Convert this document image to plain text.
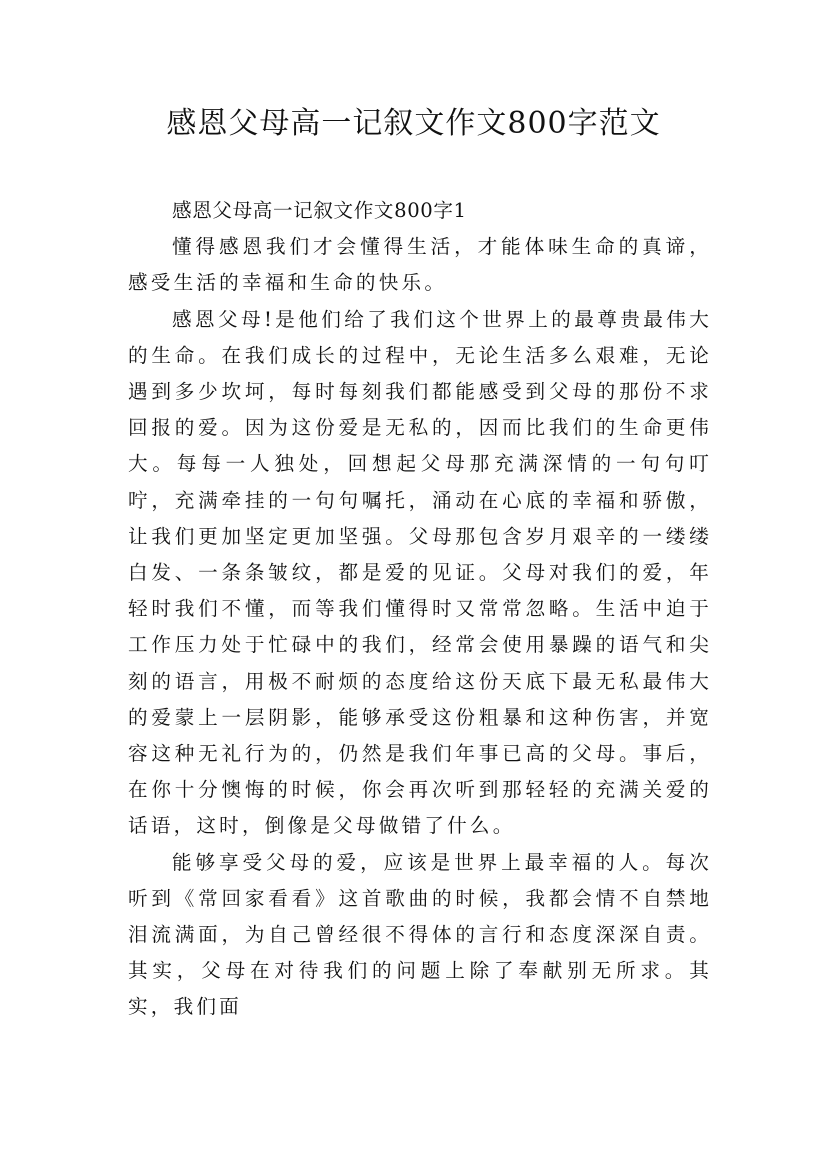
感恩父母高一记叙文作文800字范文

感恩父母高一记叙文作文800字1

懂得感恩我们才会懂得生活，才能体味生命的真谛，感受生活的幸福和生命的快乐。

感恩父母!是他们给了我们这个世界上的最尊贵最伟大的生命。在我们成长的过程中，无论生活多么艰难，无论遇到多少坎坷，每时每刻我们都能感受到父母的那份不求回报的爱。因为这份爱是无私的，因而比我们的生命更伟大。每每一人独处，回想起父母那充满深情的一句句叮咛，充满牵挂的一句句嘱托，涌动在心底的幸福和骄傲，让我们更加坚定更加坚强。父母那包含岁月艰辛的一缕缕白发、一条条皱纹，都是爱的见证。父母对我们的爱，年轻时我们不懂，而等我们懂得时又常常忽略。生活中迫于工作压力处于忙碌中的我们，经常会使用暴躁的语气和尖刻的语言，用极不耐烦的态度给这份天底下最无私最伟大的爱蒙上一层阴影，能够承受这份粗暴和这种伤害，并宽容这种无礼行为的，仍然是我们年事已高的父母。事后，在你十分懊悔的时候，你会再次听到那轻轻的充满关爱的话语，这时，倒像是父母做错了什么。

能够享受父母的爱，应该是世界上最幸福的人。每次听到《常回家看看》这首歌曲的时候，我都会情不自禁地泪流满面，为自己曾经很不得体的言行和态度深深自责。其实，父母在对待我们的问题上除了奉献别无所求。其实，我们面
